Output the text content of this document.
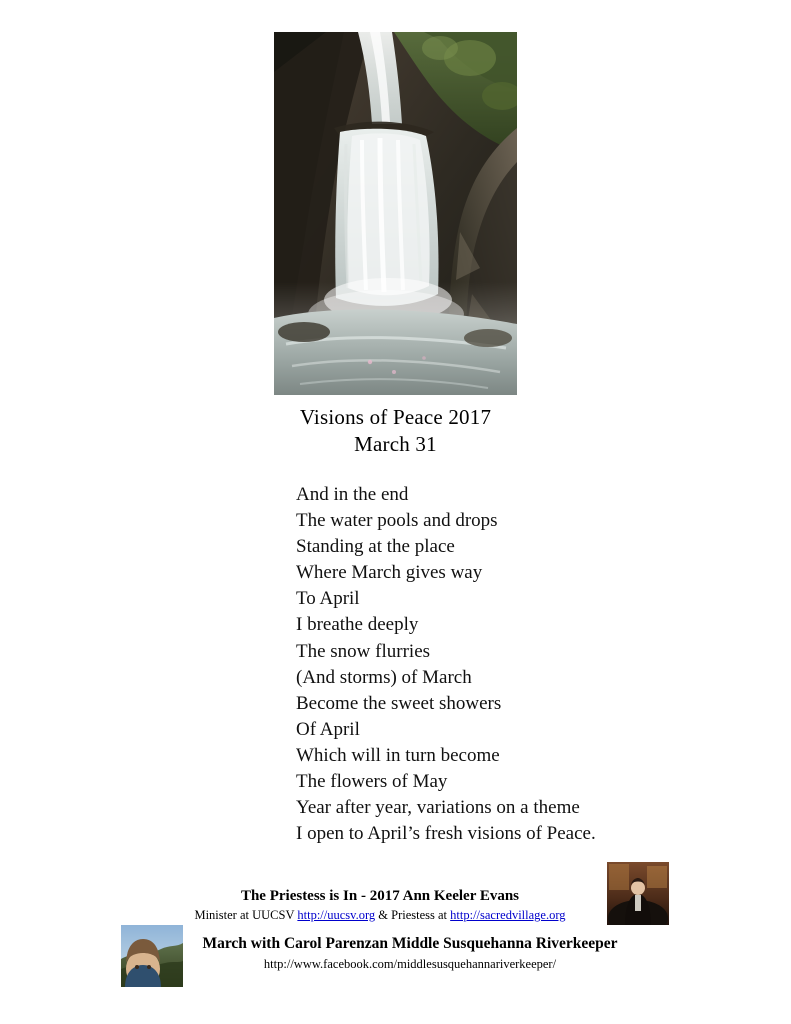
Visions of Peace 2017
March 31
And in the end
The water pools and drops
Standing at the place
Where March gives way
To April
I breathe deeply
The snow flurries
(And storms) of March
Become the sweet showers
Of April
Which will in turn become
The flowers of May
Year after year, variations on a theme
I open to April’s fresh visions of Peace.
The Priestess is In - 2017 Ann Keeler Evans
Minister at UUCSV http://uucsv.org & Priestess at http://sacredvillage.org
March with Carol Parenzan Middle Susquehanna Riverkeeper
http://www.facebook.com/middlesusquehannariverkeeper/
